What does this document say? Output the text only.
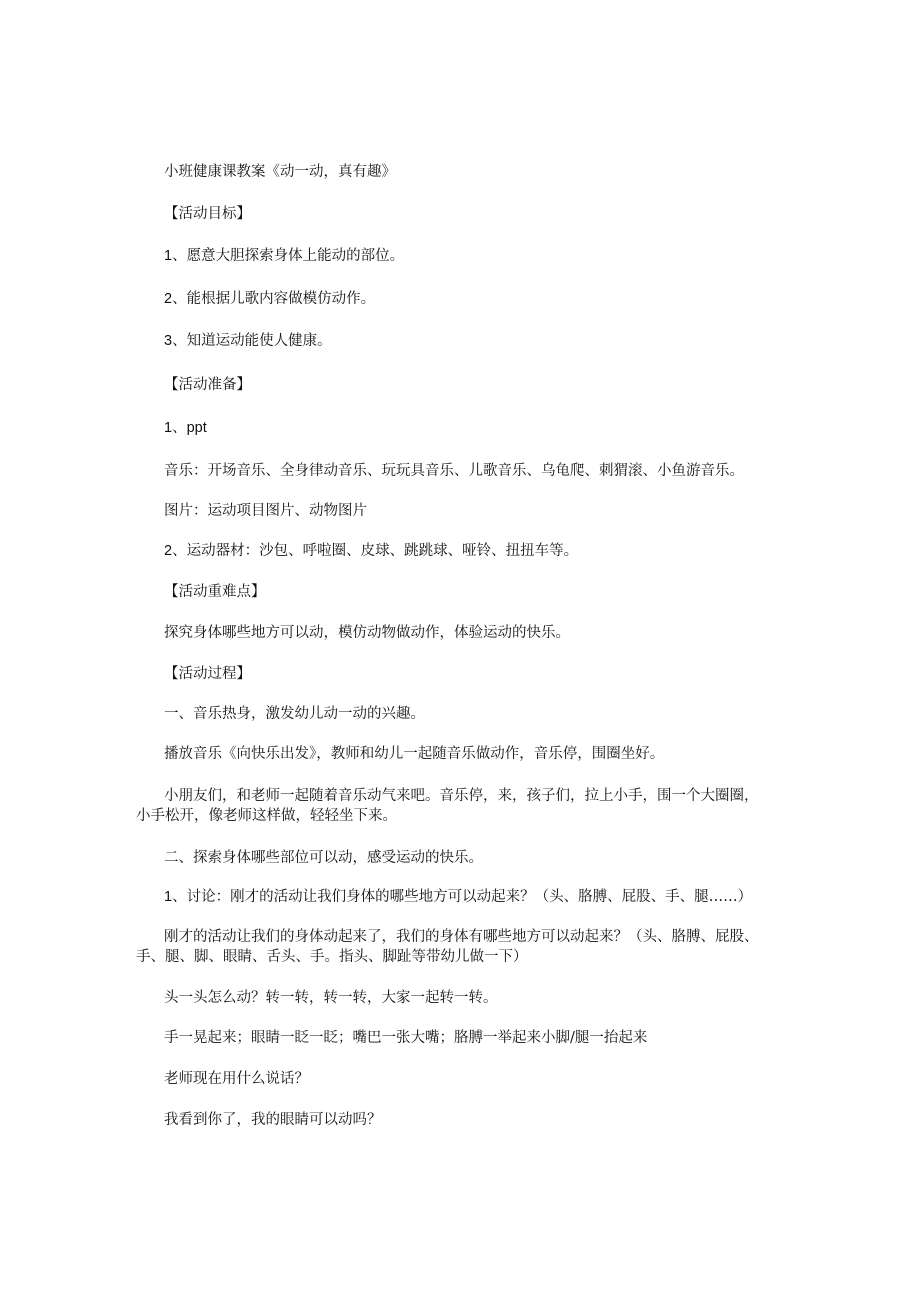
小班健康课教案《动一动，真有趣》
【活动目标】
1、愿意大胆探索身体上能动的部位。
2、能根据儿歌内容做模仿动作。
3、知道运动能使人健康。
【活动准备】
1、ppt
音乐：开场音乐、全身律动音乐、玩玩具音乐、儿歌音乐、乌龟爬、刺猬滚、小鱼游音乐。
图片：运动项目图片、动物图片
2、运动器材：沙包、呼啦圈、皮球、跳跳球、哑铃、扭扭车等。
【活动重难点】
探究身体哪些地方可以动，模仿动物做动作，体验运动的快乐。
【活动过程】
一、音乐热身，激发幼儿动一动的兴趣。
播放音乐《向快乐出发》，教师和幼儿一起随音乐做动作，音乐停，围圈坐好。
小朋友们，和老师一起随着音乐动气来吧。音乐停，来，孩子们，拉上小手，围一个大圈圈，
小手松开，像老师这样做，轻轻坐下来。
二、探索身体哪些部位可以动，感受运动的快乐。
1、讨论：刚才的活动让我们身体的哪些地方可以动起来？（头、胳膊、屁股、手、腿……）
刚才的活动让我们的身体动起来了，我们的身体有哪些地方可以动起来？（头、胳膊、屁股、
手、腿、脚、眼睛、舌头、手。指头、脚趾等带幼儿做一下）
头一头怎么动？转一转，转一转，大家一起转一转。
手一晃起来；眼睛一眨一眨；嘴巴一张大嘴；胳膊一举起来小脚/腿一抬起来
老师现在用什么说话？
我看到你了，我的眼睛可以动吗？
